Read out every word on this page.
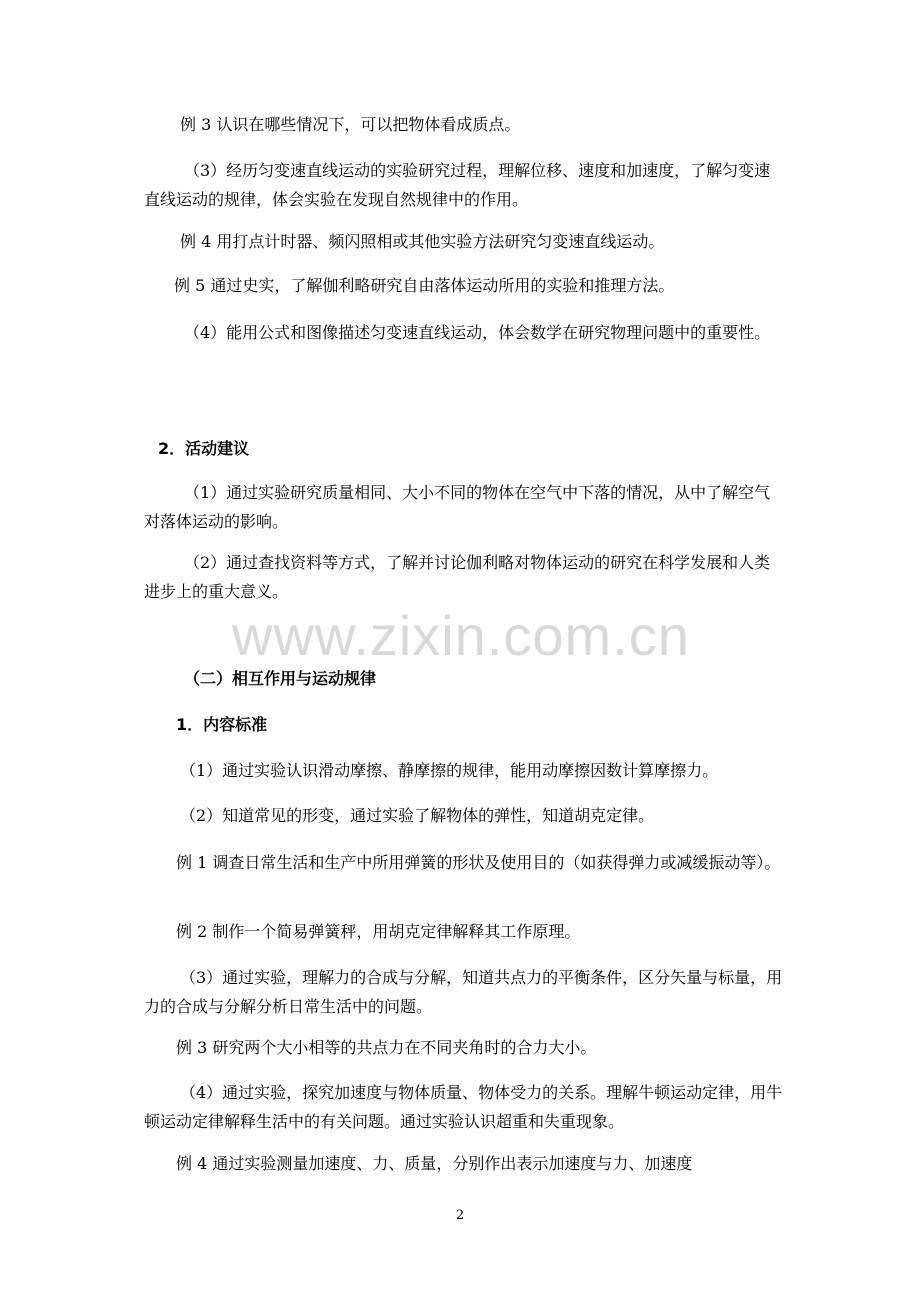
例 3 认识在哪些情况下，可以把物体看成质点。

（3）经历匀变速直线运动的实验研究过程，理解位移、速度和加速度，了解匀变速直线运动的规律，体会实验在发现自然规律中的作用。

例 4 用打点计时器、频闪照相或其他实验方法研究匀变速直线运动。

例 5 通过史实，了解伽利略研究自由落体运动所用的实验和推理方法。

（4）能用公式和图像描述匀变速直线运动，体会数学在研究物理问题中的重要性。

2．活动建议

（1）通过实验研究质量相同、大小不同的物体在空气中下落的情况，从中了解空气对落体运动的影响。

（2）通过查找资料等方式，了解并讨论伽利略对物体运动的研究在科学发展和人类进步上的重大意义。

www.zixin.com.cn

（二）相互作用与运动规律

1．内容标准

（1）通过实验认识滑动摩擦、静摩擦的规律，能用动摩擦因数计算摩擦力。

（2）知道常见的形变，通过实验了解物体的弹性，知道胡克定律。

例 1 调查日常生活和生产中所用弹簧的形状及使用目的（如获得弹力或减缓振动等）。

例 2 制作一个简易弹簧秤，用胡克定律解释其工作原理。

（3）通过实验，理解力的合成与分解，知道共点力的平衡条件，区分矢量与标量，用力的合成与分解分析日常生活中的问题。

例 3 研究两个大小相等的共点力在不同夹角时的合力大小。

（4）通过实验，探究加速度与物体质量、物体受力的关系。理解牛顿运动定律，用牛顿运动定律解释生活中的有关问题。通过实验认识超重和失重现象。

例 4 通过实验测量加速度、力、质量，分别作出表示加速度与力、加速度

2
